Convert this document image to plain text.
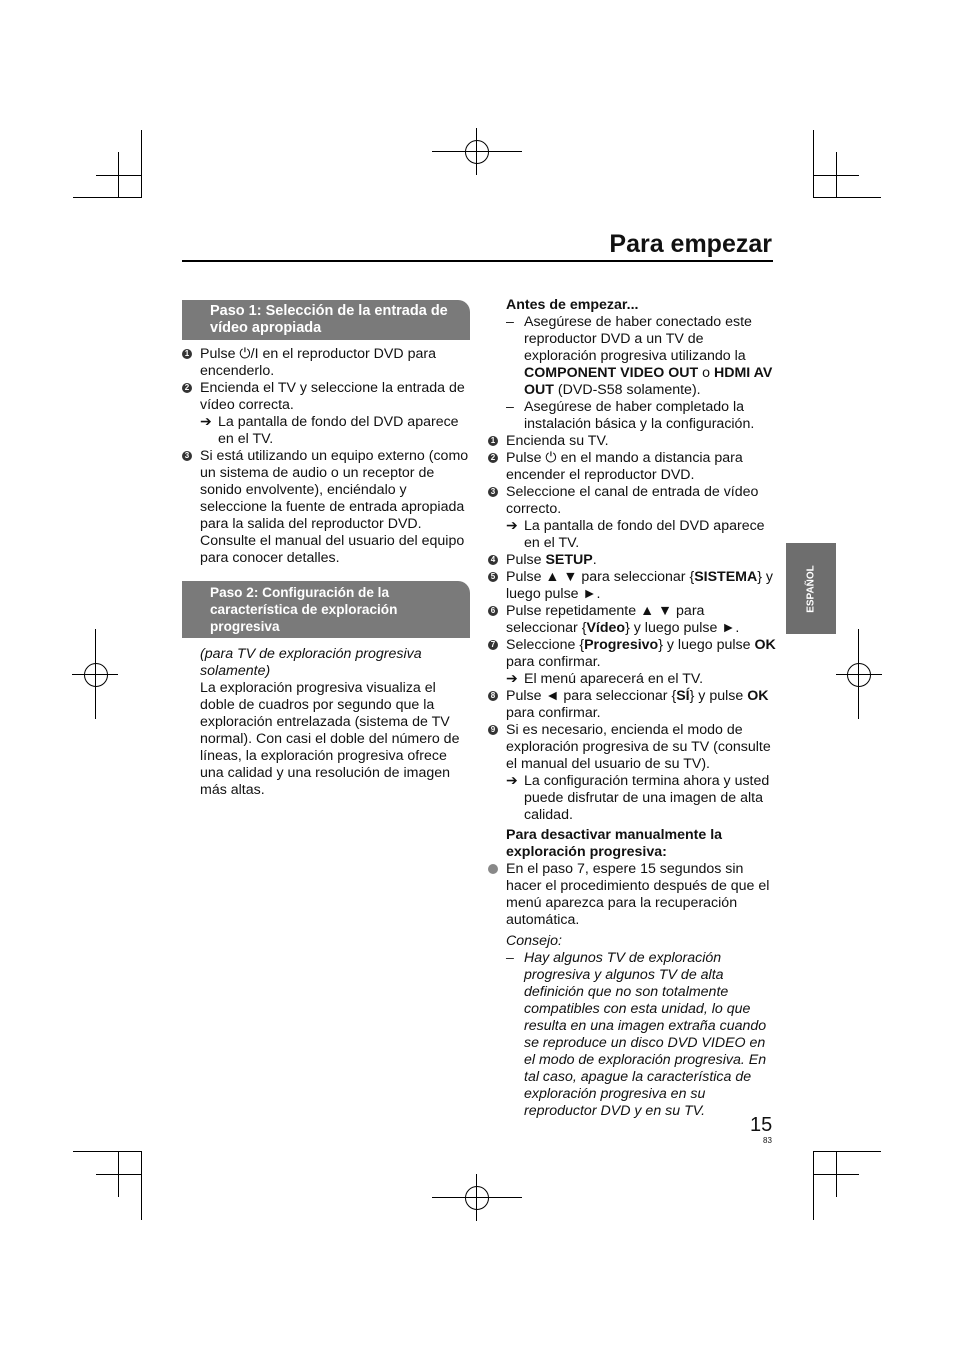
Para empezar
Paso 1: Selección de la entrada de vídeo apropiada

1 Pulse ⏻/I en el reproductor DVD para encenderlo.

2 Encienda el TV y seleccione la entrada de vídeo correcta.

➔ La pantalla de fondo del DVD aparece en el TV.

3 Si está utilizando un equipo externo (como un sistema de audio o un receptor de sonido envolvente), enciéndalo y seleccione la fuente de entrada apropiada para la salida del reproductor DVD. Consulte el manual del usuario del equipo para conocer detalles.

Paso 2: Configuración de la característica de exploración progresiva

(para TV de exploración progresiva solamente)

La exploración progresiva visualiza el doble de cuadros por segundo que la exploración entrelazada (sistema de TV normal). Con casi el doble del número de líneas, la exploración progresiva ofrece una calidad y una resolución de imagen más altas.

Antes de empezar...

– Asegúrese de haber conectado este reproductor DVD a un TV de exploración progresiva utilizando la COMPONENT VIDEO OUT o HDMI AV OUT (DVD-S58 solamente).

– Asegúrese de haber completado la instalación básica y la configuración.

1 Encienda su TV.

2 Pulse ⏻ en el mando a distancia para encender el reproductor DVD.

3 Seleccione el canal de entrada de vídeo correcto.

➔ La pantalla de fondo del DVD aparece en el TV.

4 Pulse SETUP.

5 Pulse ▲ ▼ para seleccionar {SISTEMA} y luego pulse ►.

6 Pulse repetidamente ▲ ▼ para seleccionar {Vídeo} y luego pulse ►.

7 Seleccione {Progresivo} y luego pulse OK para confirmar.

➔ El menú aparecerá en el TV.

8 Pulse ◄ para seleccionar {SÍ} y pulse OK para confirmar.

9 Si es necesario, encienda el modo de exploración progresiva de su TV (consulte el manual del usuario de su TV).

➔ La configuración termina ahora y usted puede disfrutar de una imagen de alta calidad.

Para desactivar manualmente la exploración progresiva:

En el paso 7, espere 15 segundos sin hacer el procedimiento después de que el menú aparezca para la recuperación automática.

Consejo:

– Hay algunos TV de exploración progresiva y algunos TV de alta definición que no son totalmente compatibles con esta unidad, lo que resulta en una imagen extraña cuando se reproduce un disco DVD VIDEO en el modo de exploración progresiva. En tal caso, apague la característica de exploración progresiva en su reproductor DVD y en su TV.

ESPAÑOL
15
83
